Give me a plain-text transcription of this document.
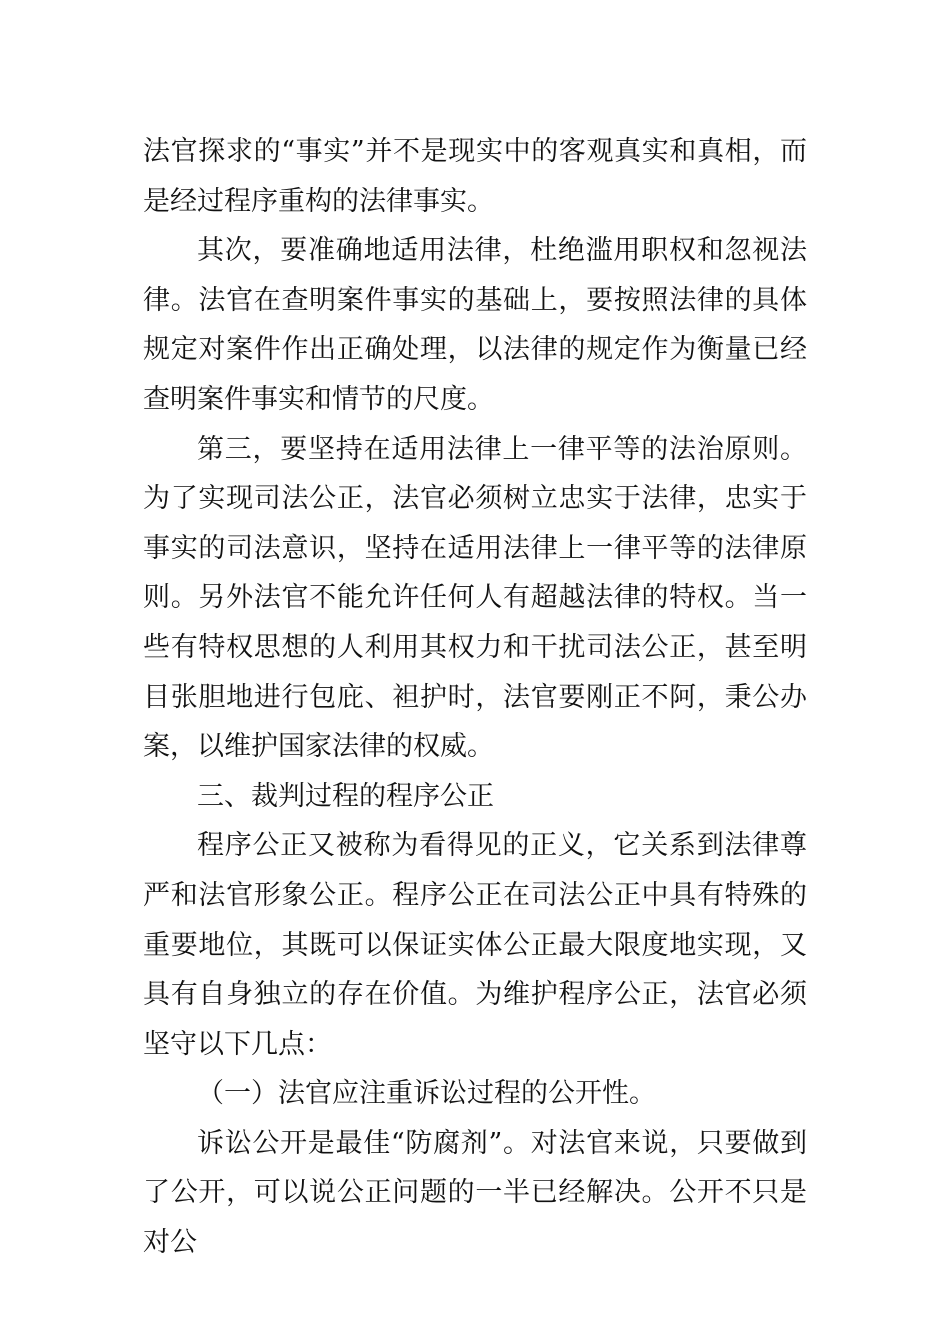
法官探求的“事实”并不是现实中的客观真实和真相，而是经过程序重构的法律事实。

其次，要准确地适用法律，杜绝滥用职权和忽视法律。法官在查明案件事实的基础上，要按照法律的具体规定对案件作出正确处理，以法律的规定作为衡量已经查明案件事实和情节的尺度。

第三，要坚持在适用法律上一律平等的法治原则。为了实现司法公正，法官必须树立忠实于法律，忠实于事实的司法意识，坚持在适用法律上一律平等的法律原则。另外法官不能允许任何人有超越法律的特权。当一些有特权思想的人利用其权力和干扰司法公正，甚至明目张胆地进行包庇、袒护时，法官要刚正不阿，秉公办案，以维护国家法律的权威。

三、裁判过程的程序公正

程序公正又被称为看得见的正义，它关系到法律尊严和法官形象公正。程序公正在司法公正中具有特殊的重要地位，其既可以保证实体公正最大限度地实现，又具有自身独立的存在价值。为维护程序公正，法官必须坚守以下几点：

（一）法官应注重诉讼过程的公开性。

诉讼公开是最佳“防腐剂”。对法官来说，只要做到了公开，可以说公正问题的一半已经解决。公开不只是对公
